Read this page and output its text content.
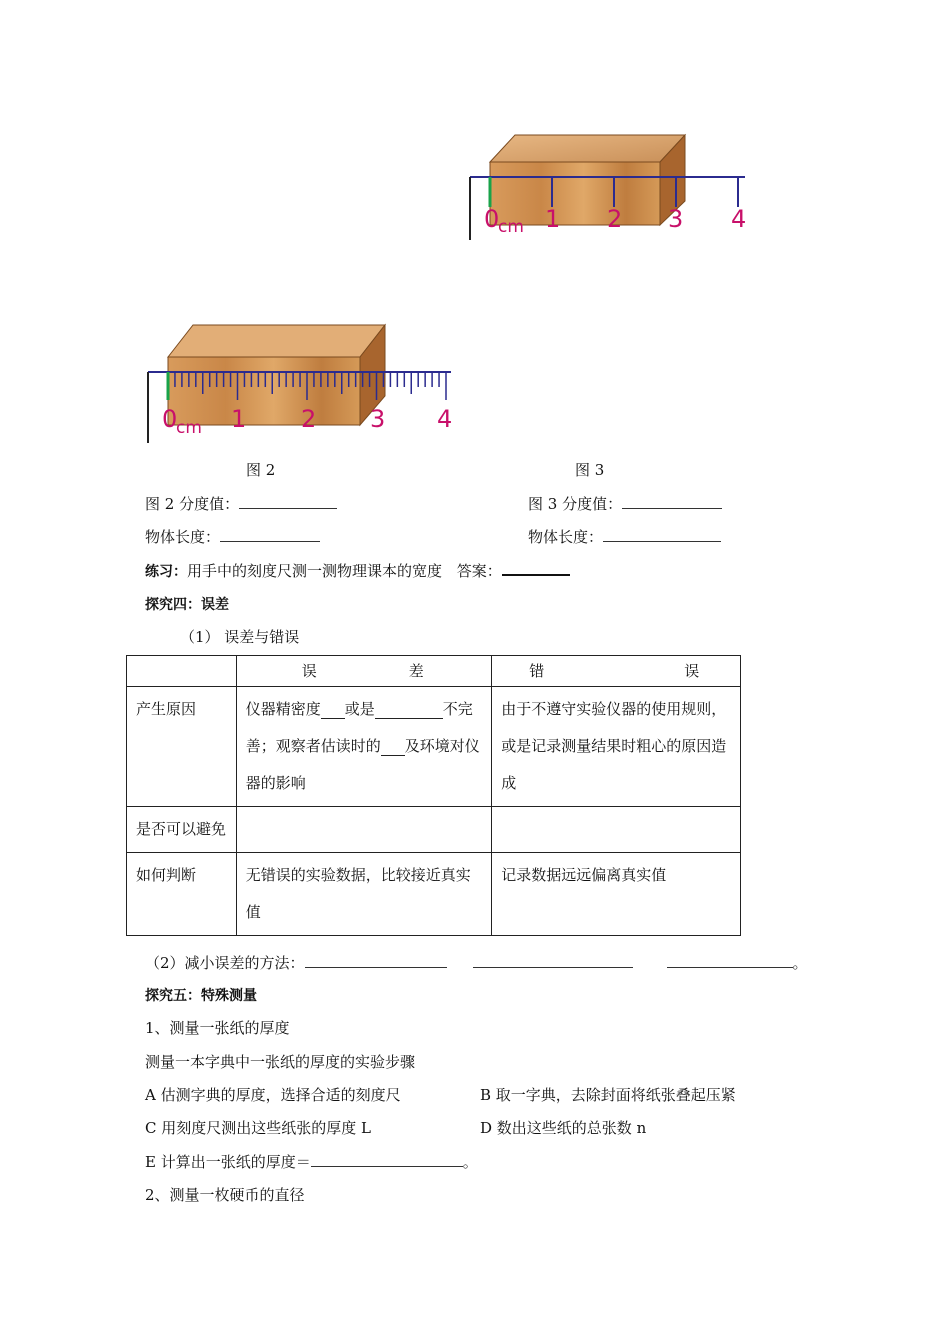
0
cm 1 2 3 4
0
cm 1 2 3 4
图 2	图 3
图 2 分度值：	图 3 分度值：
物体长度：	物体长度：
练习：用手中的刻度尺测一测物理课本的宽度 答案：
探究四：误差
（1） 误差与错误
	误 差	错 误
产生原因	仪器精密度 或是 不完善；观察者估读时的 及环境对仪器的影响	由于不遵守实验仪器的使用规则，或是记录测量结果时粗心的原因造成
是否可以避免		
如何判断	无错误的实验数据，比较接近真实值	记录数据远远偏离真实值
（2）减小误差的方法：	。
探究五：特殊测量
1、测量一张纸的厚度
测量一本字典中一张纸的厚度的实验步骤
A 估测字典的厚度，选择合适的刻度尺	B 取一字典，去除封面将纸张叠起压紧
C 用刻度尺测出这些纸张的厚度 L	D 数出这些纸的总张数 n
E 计算出一张纸的厚度＝	。
2、测量一枚硬币的直径
